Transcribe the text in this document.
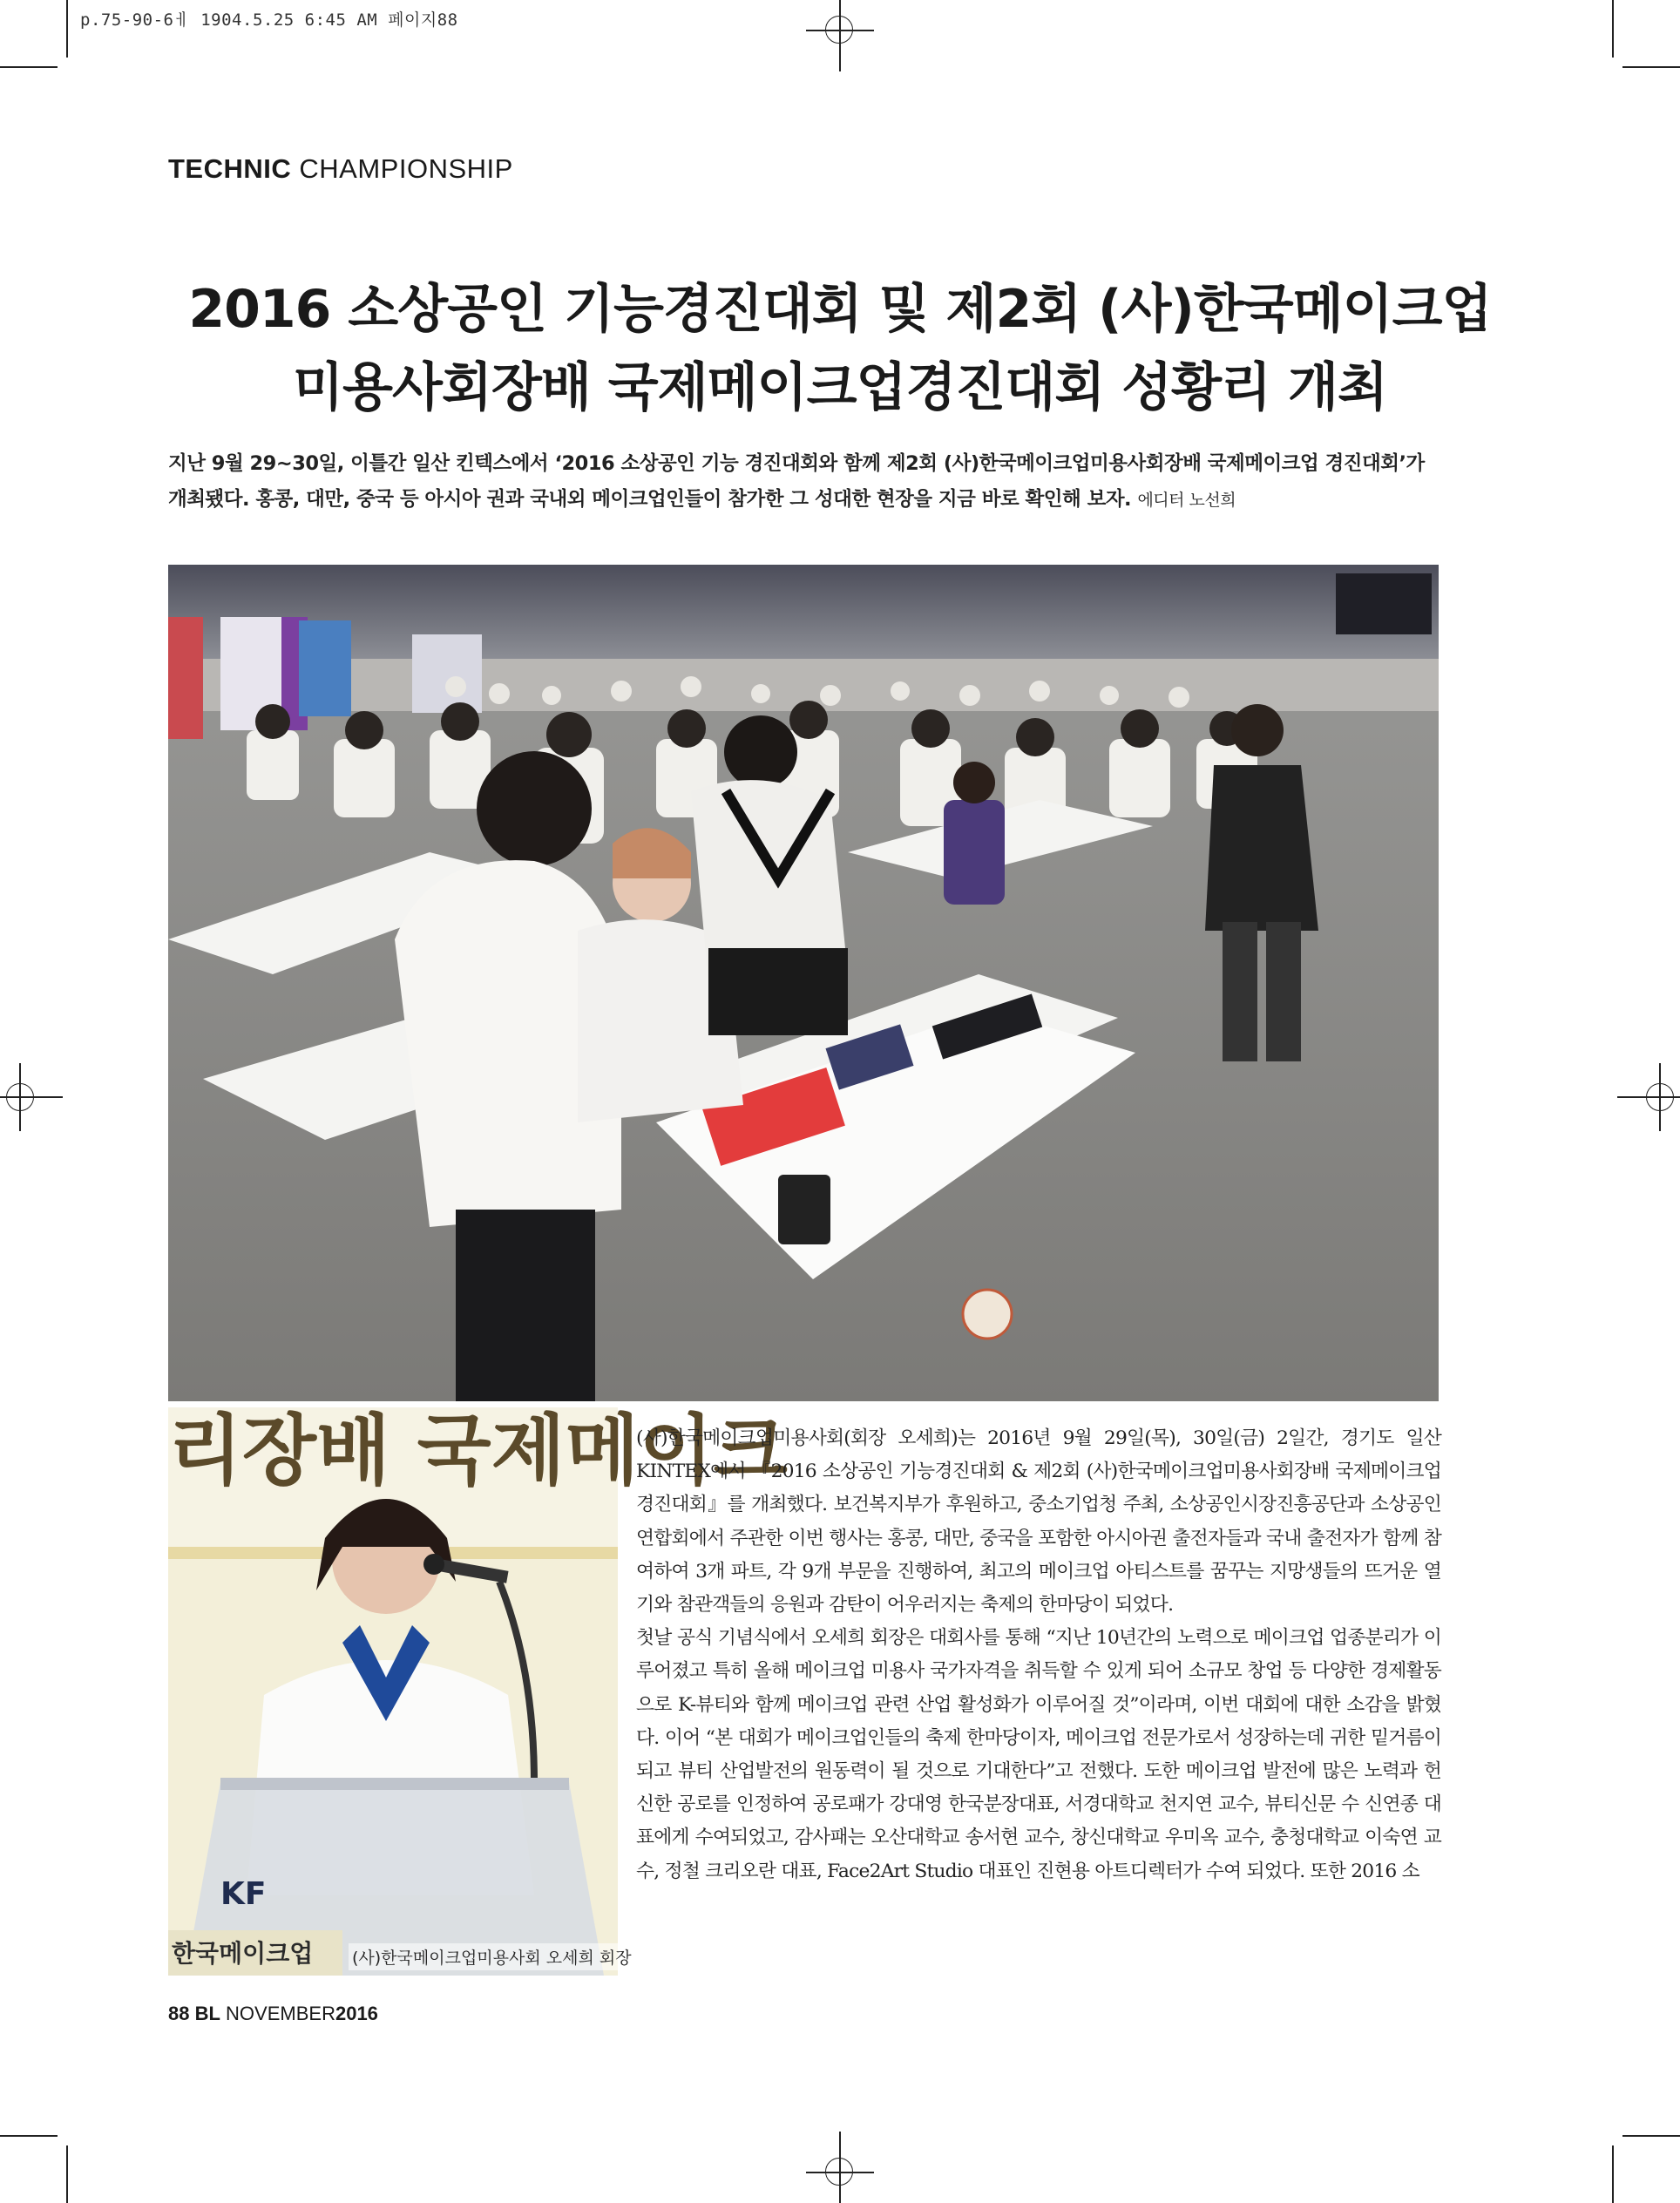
p.75-90-6ㅔ 1904.5.25 6:45 AM 페이지88
TECHNIC CHAMPIONSHIP
2016 소상공인 기능경진대회 및 제2회 (사)한국메이크업
미용사회장배 국제메이크업경진대회 성황리 개최
지난 9월 29~30일, 이틀간 일산 킨텍스에서 ‘2016 소상공인 기능 경진대회와 함께 제2회 (사)한국메이크업미용사회장배 국제메이크업 경진대회’가 개최됐다. 홍콩, 대만, 중국 등 아시아 권과 국내외 메이크업인들이 참가한 그 성대한 현장을 지금 바로 확인해 보자. 에디터 노선희
리장배 국제메이크
KF
한국메이크업 (사)한국메이크업미용사회 오세희 회장

(사)한국메이크업미용사회(회장 오세희)는 2016년 9월 29일(목), 30일(금) 2일간, 경기도 일산 KINTEX에서 『2016 소상공인 기능경진대회 & 제2회 (사)한국메이크업미용사회장배 국제메이크업 경진대회』를 개최했다. 보건복지부가 후원하고, 중소기업청 주최, 소상공인시장진흥공단과 소상공인연합회에서 주관한 이번 행사는 홍콩, 대만, 중국을 포함한 아시아권 출전자들과 국내 출전자가 함께 참여하여 3개 파트, 각 9개 부문을 진행하여, 최고의 메이크업 아티스트를 꿈꾸는 지망생들의 뜨거운 열기와 참관객들의 응원과 감탄이 어우러지는 축제의 한마당이 되었다.

첫날 공식 기념식에서 오세희 회장은 대회사를 통해 “지난 10년간의 노력으로 메이크업 업종분리가 이루어졌고 특히 올해 메이크업 미용사 국가자격을 취득할 수 있게 되어 소규모 창업 등 다양한 경제활동으로 K-뷰티와 함께 메이크업 관련 산업 활성화가 이루어질 것”이라며, 이번 대회에 대한 소감을 밝혔다. 이어 “본 대회가 메이크업인들의 축제 한마당이자, 메이크업 전문가로서 성장하는데 귀한 밑거름이 되고 뷰티 산업발전의 원동력이 될 것으로 기대한다”고 전했다. 도한 메이크업 발전에 많은 노력과 헌신한 공로를 인정하여 공로패가 강대영 한국분장대표, 서경대학교 천지연 교수, 뷰티신문 수 신연종 대표에게 수여되었고, 감사패는 오산대학교 송서현 교수, 창신대학교 우미옥 교수, 충청대학교 이숙연 교수, 정철 크리오란 대표, Face2Art Studio 대표인 진현용 아트디렉터가 수여 되었다. 또한 2016 소

88 BL NOVEMBER2016
